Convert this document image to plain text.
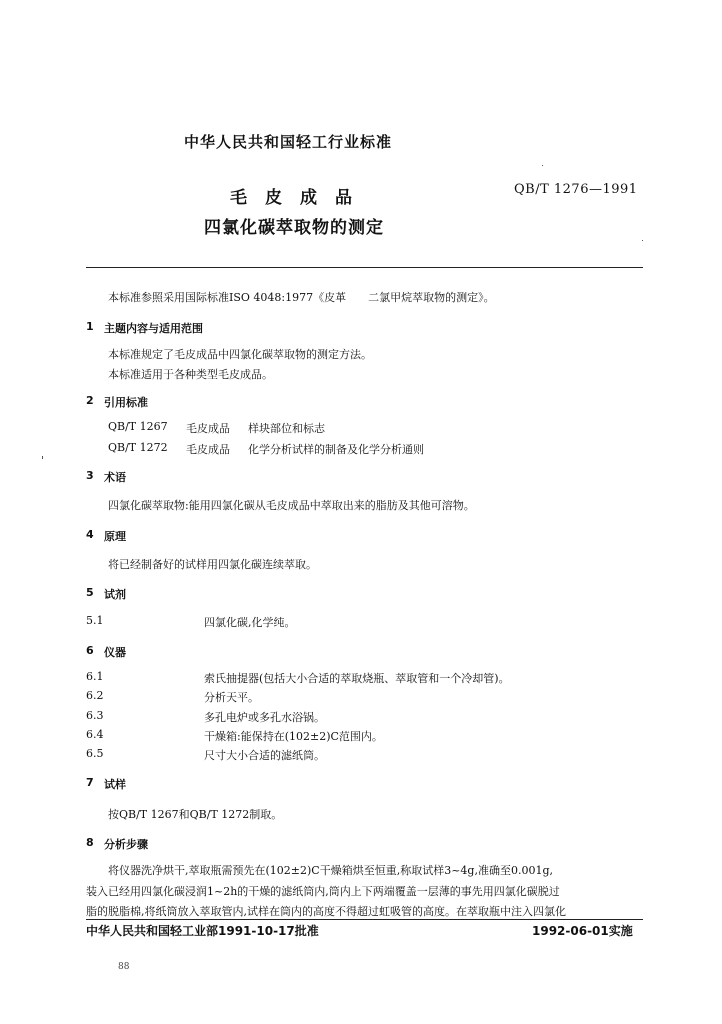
中华人民共和国轻工行业标准
毛皮成品
四氯化碳萃取物的测定
QB/T 1276—1991
本标准参照采用国际标准ISO 4048:1977《皮革　　二氯甲烷萃取物的测定》。
1 主题内容与适用范围
本标准规定了毛皮成品中四氯化碳萃取物的测定方法。
本标准适用于各种类型毛皮成品。
2 引用标准
QB/T 1267 毛皮成品 样块部位和标志
QB/T 1272 毛皮成品 化学分析试样的制备及化学分析通则
3 术语
四氯化碳萃取物:能用四氯化碳从毛皮成品中萃取出来的脂肪及其他可溶物。
4 原理
将已经制备好的试样用四氯化碳连续萃取。
5 试剂
5.1	四氯化碳,化学纯。
6 仪器
6.1	索氏抽提器(包括大小合适的萃取烧瓶、萃取管和一个冷却管)。
6.2	分析天平。
6.3	多孔电炉或多孔水浴锅。
6.4	干燥箱:能保持在(102±2)C范围内。
6.5	尺寸大小合适的滤纸筒。
7 试样
按QB/T 1267和QB/T 1272制取。
8 分析步骤
　　将仪器洗净烘干,萃取瓶需预先在(102±2)C干燥箱烘至恒重,称取试样3~4g,准确至0.001g,
装入已经用四氯化碳浸润1~2h的干燥的滤纸筒内,筒内上下两端覆盖一层薄的事先用四氯化碳脱过
脂的脱脂棉,将纸筒放入萃取管内,试样在筒内的高度不得超过虹吸管的高度。在萃取瓶中注入四氯化
中华人民共和国轻工业部1991-10-17批准	1992-06-01实施
88
